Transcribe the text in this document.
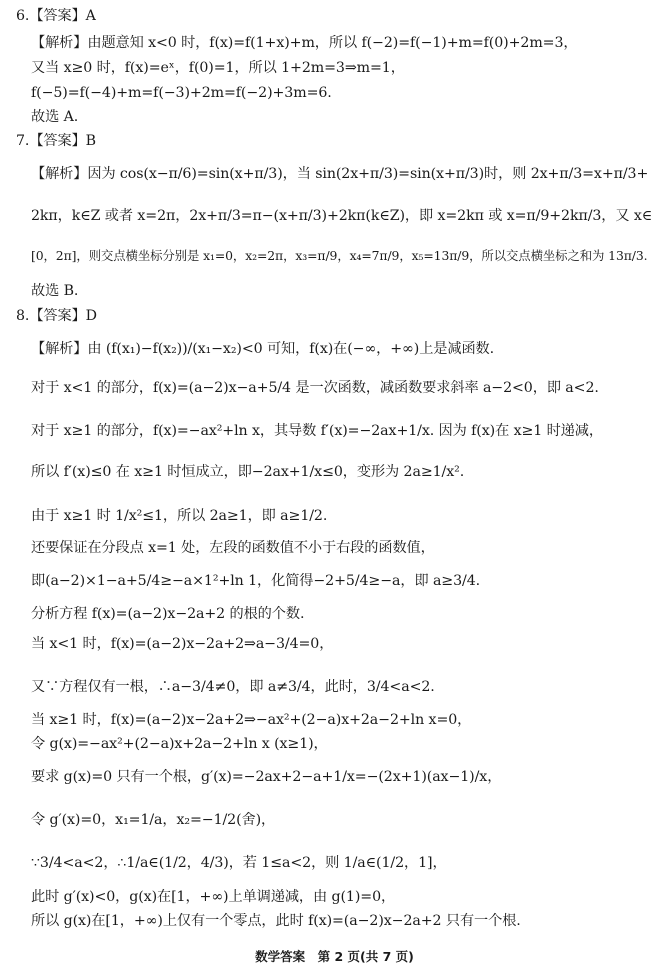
6.【答案】A
【解析】由题意知 x<0 时，f(x)=f(1+x)+m，所以 f(−2)=f(−1)+m=f(0)+2m=3，
又当 x≥0 时，f(x)=eˣ，f(0)=1，所以 1+2m=3⇒m=1，
f(−5)=f(−4)+m=f(−3)+2m=f(−2)+3m=6.
故选 A.
7.【答案】B
【解析】因为 cos(x−π/6)=sin(x+π/3)，当 sin(2x+π/3)=sin(x+π/3)时，则 2x+π/3=x+π/3+
2kπ，k∈Z 或者 x=2π，2x+π/3=π−(x+π/3)+2kπ(k∈Z)，即 x=2kπ 或 x=π/9+2kπ/3，又 x∈
[0，2π]，则交点横坐标分别是 x₁=0，x₂=2π，x₃=π/9，x₄=7π/9，x₅=13π/9，所以交点横坐标之和为 13π/3.
故选 B.
8.【答案】D
【解析】由 (f(x₁)−f(x₂))/(x₁−x₂)<0 可知，f(x)在(−∞，+∞)上是减函数.
对于 x<1 的部分，f(x)=(a−2)x−a+5/4 是一次函数，减函数要求斜率 a−2<0，即 a<2.
对于 x≥1 的部分，f(x)=−ax²+ln x，其导数 f′(x)=−2ax+1/x. 因为 f(x)在 x≥1 时递减，
所以 f′(x)≤0 在 x≥1 时恒成立，即−2ax+1/x≤0，变形为 2a≥1/x².
由于 x≥1 时 1/x²≤1，所以 2a≥1，即 a≥1/2.
还要保证在分段点 x=1 处，左段的函数值不小于右段的函数值，
即(a−2)×1−a+5/4≥−a×1²+ln 1，化简得−2+5/4≥−a，即 a≥3/4.
分析方程 f(x)=(a−2)x−2a+2 的根的个数.
当 x<1 时，f(x)=(a−2)x−2a+2⇒a−3/4=0，
又∵方程仅有一根，∴a−3/4≠0，即 a≠3/4，此时，3/4<a<2.
当 x≥1 时，f(x)=(a−2)x−2a+2⇒−ax²+(2−a)x+2a−2+ln x=0，
令 g(x)=−ax²+(2−a)x+2a−2+ln x (x≥1)，
要求 g(x)=0 只有一个根，g′(x)=−2ax+2−a+1/x=−(2x+1)(ax−1)/x，
令 g′(x)=0，x₁=1/a，x₂=−1/2(舍)，
∵3/4<a<2，∴1/a∈(1/2，4/3)，若 1≤a<2，则 1/a∈(1/2，1]，
此时 g′(x)<0，g(x)在[1，+∞)上单调递减，由 g(1)=0，
所以 g(x)在[1，+∞)上仅有一个零点，此时 f(x)=(a−2)x−2a+2 只有一个根.
数学答案　第 2 页(共 7 页)
